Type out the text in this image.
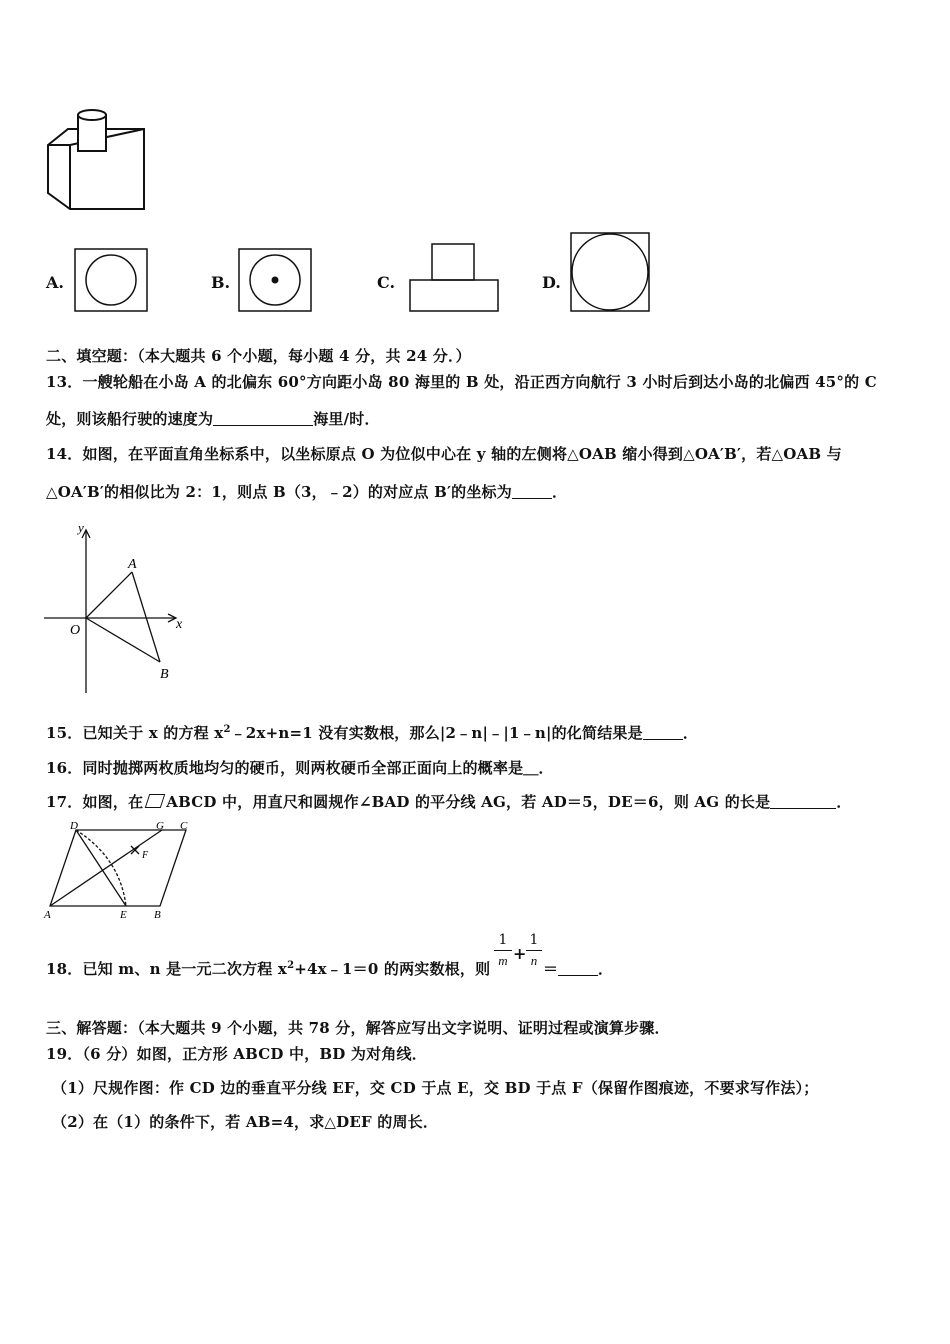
A.	B.	C.	D.
二、填空题：（本大题共 6 个小题，每小题 4 分，共 24 分．）
13．一艘轮船在小岛 A 的北偏东 60°方向距小岛 80 海里的 B 处，沿正西方向航行 3 小时后到达小岛的北偏西 45°的 C
处，则该船行驶的速度为	海里/时．
14．如图，在平面直角坐标系中，以坐标原点 O 为位似中心在 y 轴的左侧将△OAB 缩小得到△OA′B′，若△OAB 与
△OA′B′的相似比为 2：1，则点 B（3，﹣2）的对应点 B′的坐标为	．
y
x
O
A
B
15．已知关于 x 的方程 $x^2﹣2x+n=1$ 没有实数根，那么|2﹣n|﹣|1﹣n|的化简结果是	．
16．同时抛掷两枚质地均匀的硬币，则两枚硬币全部正面向上的概率是＿．
17．如图，在 ABCD 中，用直尺和圆规作∠BAD 的平分线 AG，若 AD＝5，DE＝6，则 AG 的长是	．
D	G C
F
A	E B
18．已知 m、n 是一元二次方程 $x^2+4x﹣1=0$ 的两实数根，则
1
m +
1
n ＝	．
三、解答题：（本大题共 9 个小题，共 78 分，解答应写出文字说明、证明过程或演算步骤．
19．（6 分）如图，正方形 ABCD 中，BD 为对角线．
（1）尺规作图：作 CD 边的垂直平分线 EF，交 CD 于点 E，交 BD 于点 F（保留作图痕迹，不要求写作法）；
（2）在（1）的条件下，若 AB=4，求△DEF 的周长．
